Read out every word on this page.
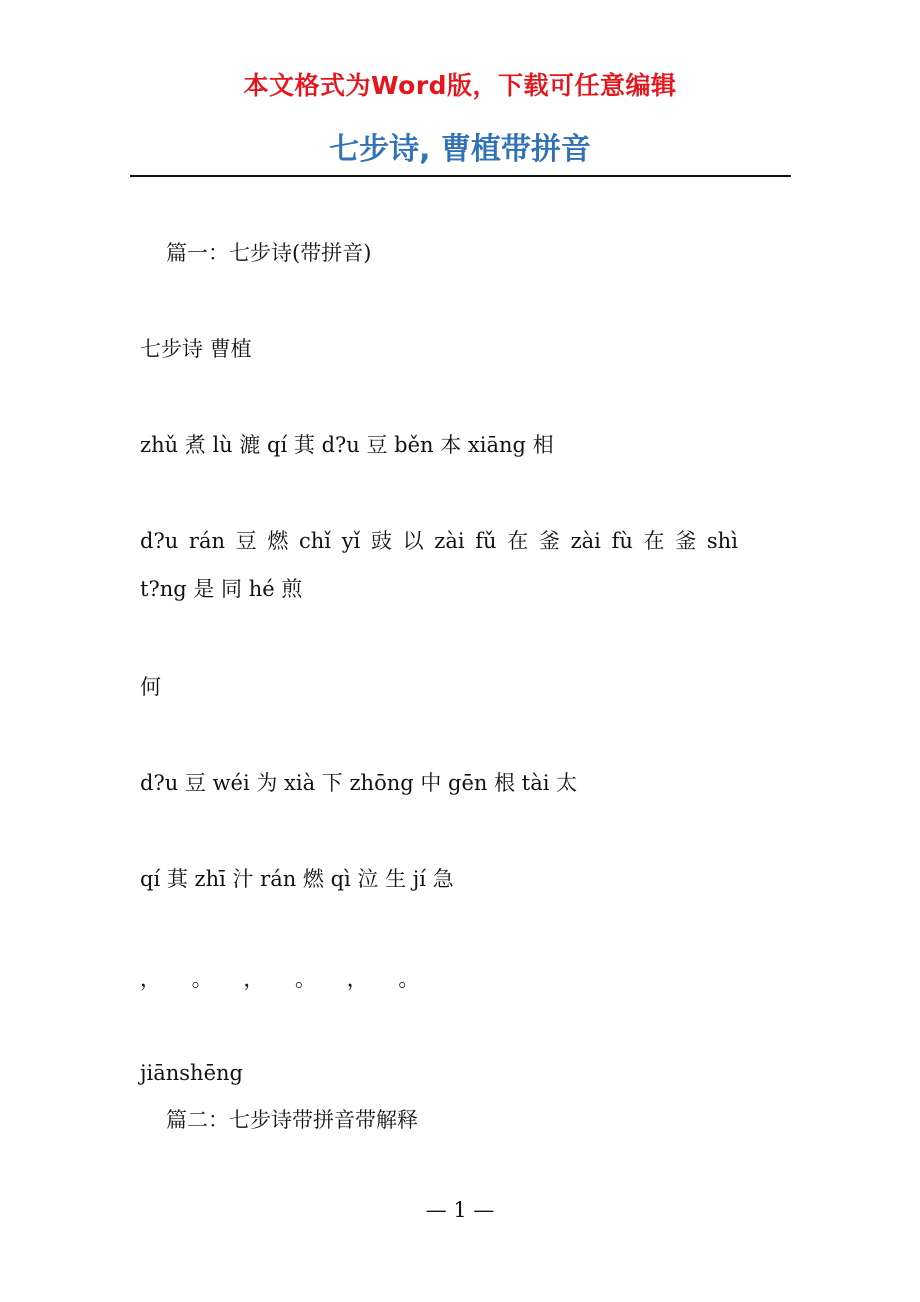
本文格式为Word版，下载可任意编辑
七步诗, 曹植带拼音
篇一：七步诗(带拼音)
七步诗 曹植
zhǔ 煮 lù 漉 qí 萁 d?u 豆 běn 本 xiāng 相
d?u rán 豆 燃 chǐ yǐ 豉 以 zài fǔ 在 釜 zài fù 在 釜 shì
t?ng 是 同 hé 煎
何
d?u 豆 wéi 为 xià 下 zhōng 中 gēn 根 tài 太
qí 萁 zhī 汁 rán 燃 qì 泣 生 jí 急
， 。 ， 。 ， 。
jiānshēng
篇二：七步诗带拼音带解释
— 1 —
